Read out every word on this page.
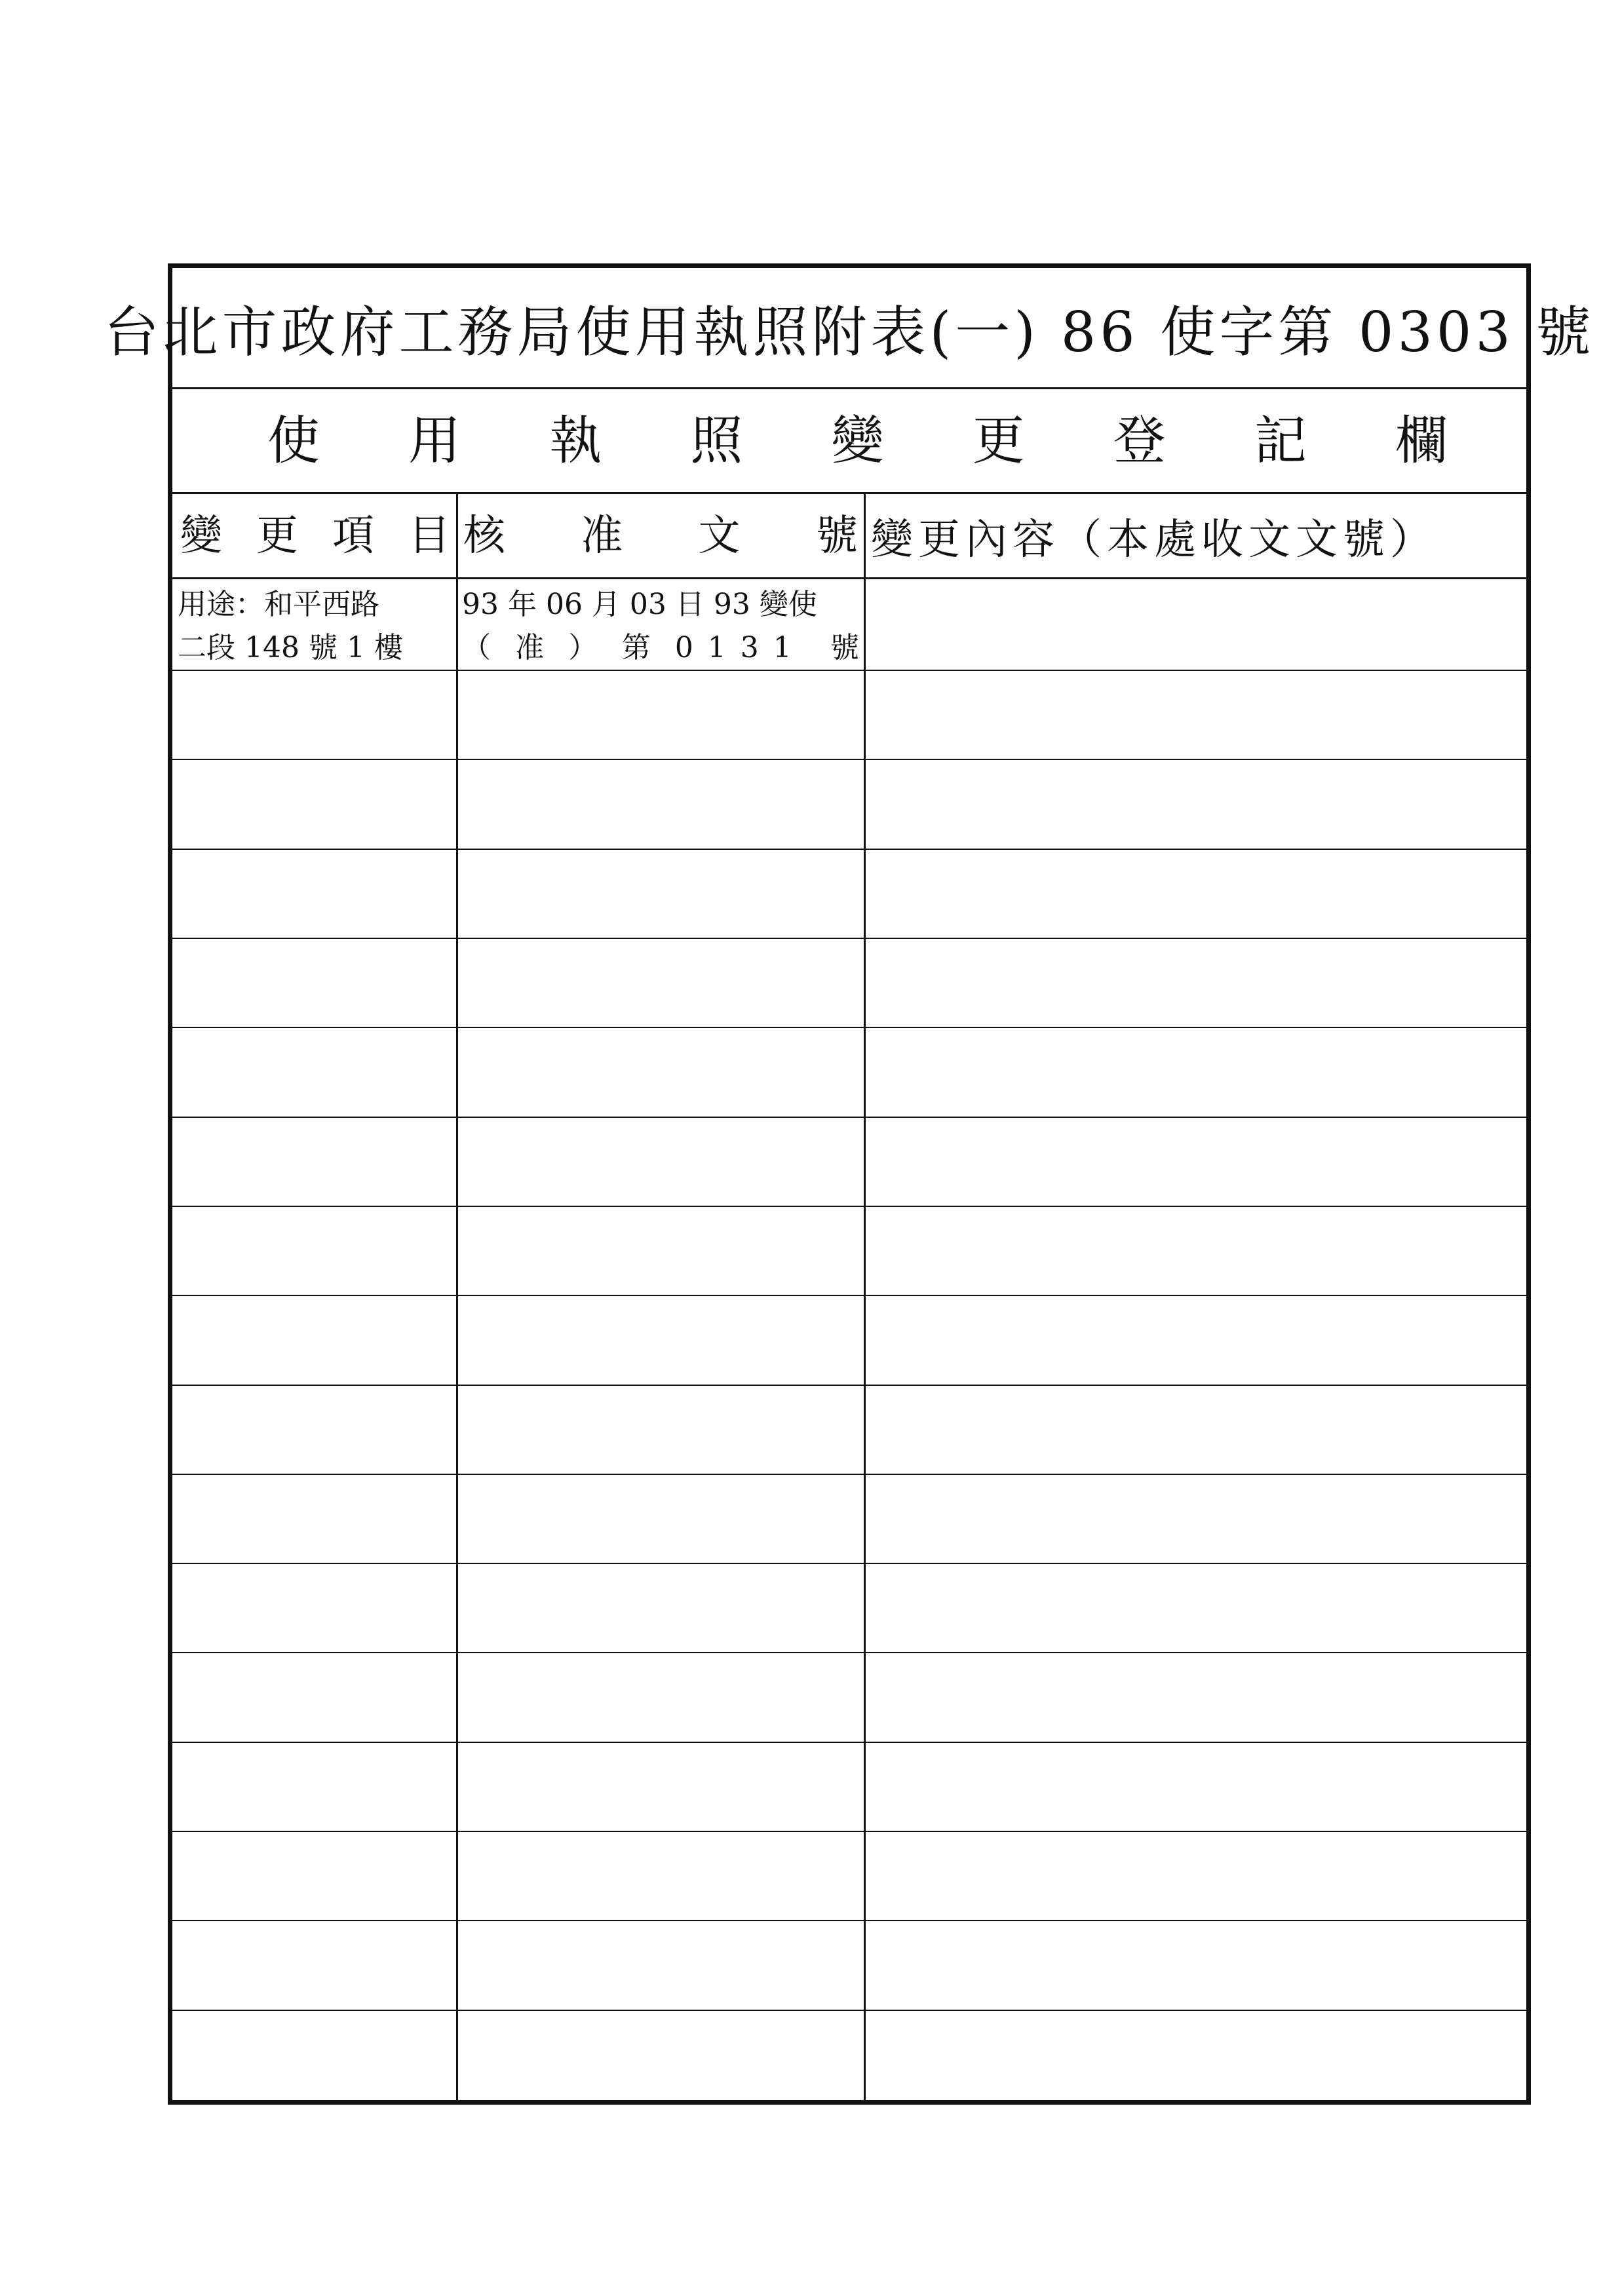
台北市政府工務局使用執照附表(一) 86 使字第 0303 號
使 用 執 照 變 更 登 記 欄
變 更 項 目 核 准 文 號 變更內容（本處收文文號）
用途：和平西路
二段 148 號 1 樓
93 年 06 月 03 日 93 變使
（ 准 ） 第 0131 號
